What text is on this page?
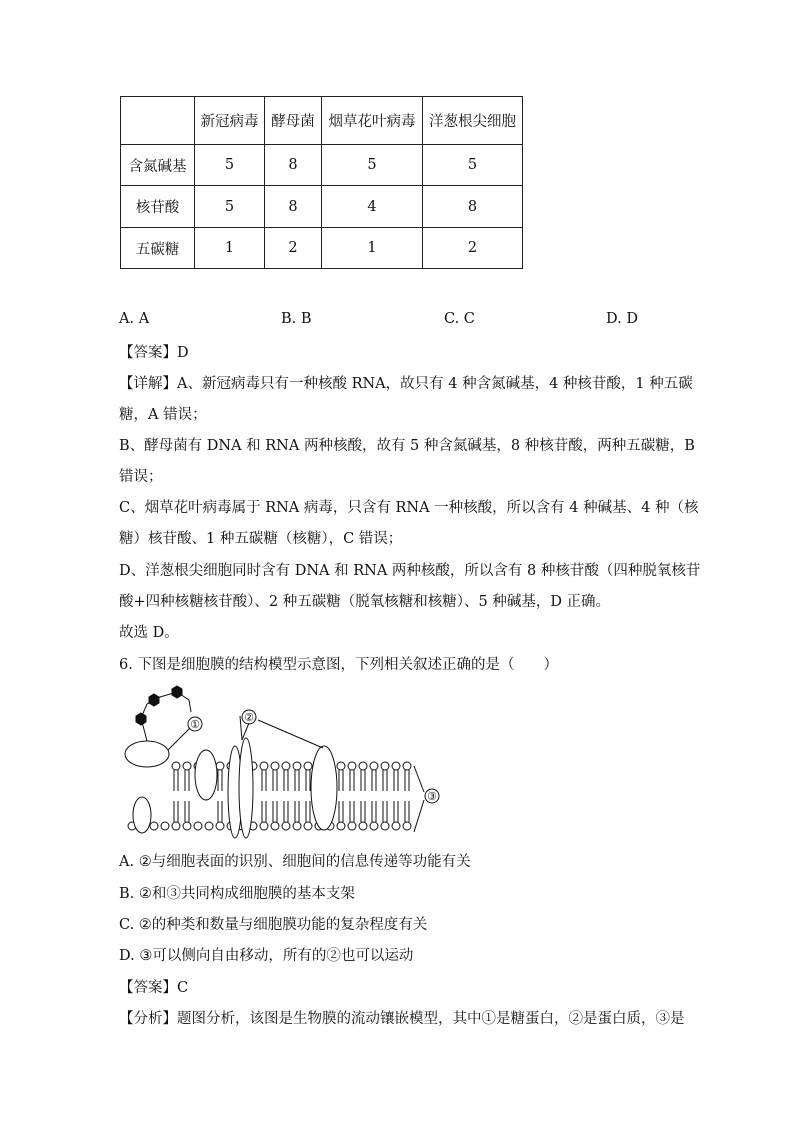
	新冠病毒	酵母菌	烟草花叶病毒	洋葱根尖细胞
含氮碱基	5	8	5	5
核苷酸	5	8	4	8
五碳糖	1	2	1	2
A. A	B. B	C. C	D. D
【答案】D
【详解】A、新冠病毒只有一种核酸 RNA，故只有 4 种含氮碱基，4 种核苷酸，1 种五碳
糖，A 错误；
B、酵母菌有 DNA 和 RNA 两种核酸，故有 5 种含氮碱基，8 种核苷酸，两种五碳糖，B
错误；
C、烟草花叶病毒属于 RNA 病毒，只含有 RNA 一种核酸，所以含有 4 种碱基、4 种（核
糖）核苷酸、1 种五碳糖（核糖），C 错误；
D、洋葱根尖细胞同时含有 DNA 和 RNA 两种核酸，所以含有 8 种核苷酸（四种脱氧核苷
酸+四种核糖核苷酸）、2 种五碳糖（脱氧核糖和核糖）、5 种碱基，D 正确。
故选 D。
6. 下图是细胞膜的结构模型示意图，下列相关叙述正确的是（　　）
①
②
③
A. ②与细胞表面的识别、细胞间的信息传递等功能有关
B. ②和③共同构成细胞膜的基本支架
C. ②的种类和数量与细胞膜功能的复杂程度有关
D. ③可以侧向自由移动，所有的②也可以运动
【答案】C
【分析】题图分析，该图是生物膜的流动镶嵌模型，其中①是糖蛋白，②是蛋白质，③是
